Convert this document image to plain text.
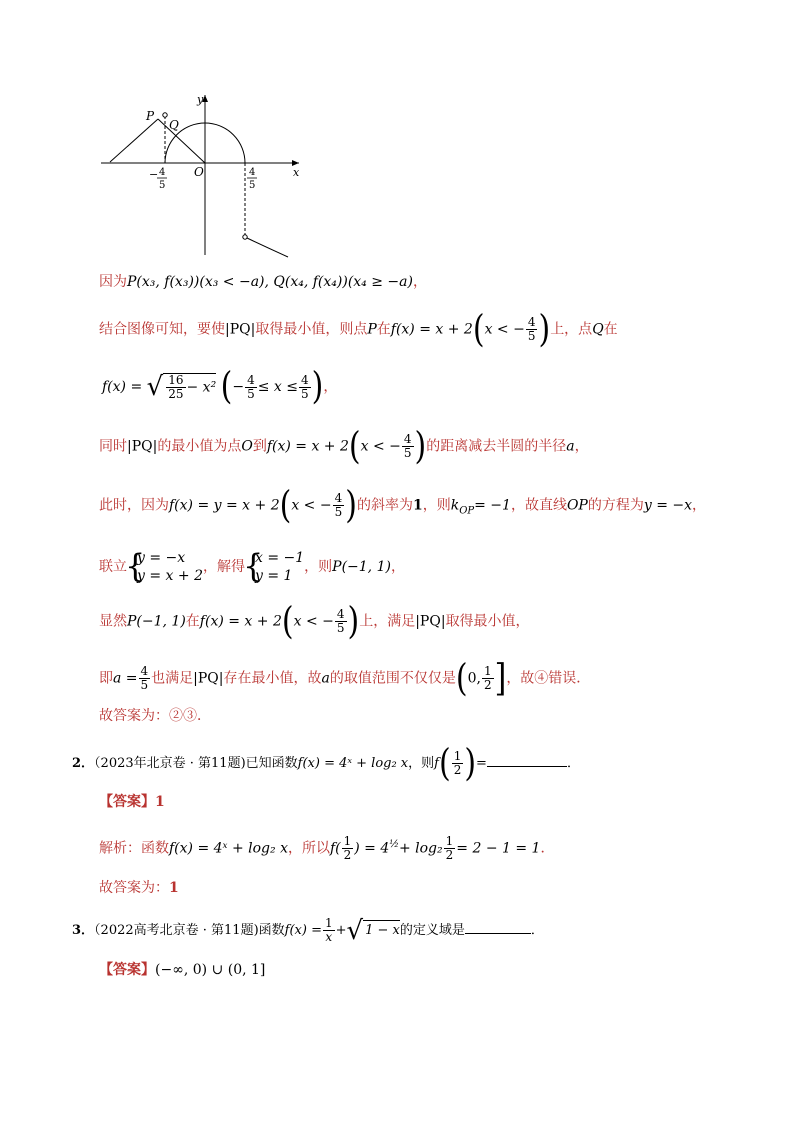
y
x
P
Q
O
− 4
5
4
5
因为P(x₃, f(x₃))(x₃ < −a), Q(x₄, f(x₄))(x₄ ≥ −a)，
结合图像可知，要使|PQ|取得最小值，则点P在f(x) = x + 2(x < − $\frac{4}{5}$ )上，点Q在
f(x) = √ $\frac{16}{25} - x^2$ (− $\frac{4}{5} \le x \le \frac{4}{5}$ )，
同时|PQ|的最小值为点O到f(x) = x + 2(x < − $\frac{4}{5}$ )的距离减去半圆的半径a，
此时，因为f(x) = y = x + 2(x < − $\frac{4}{5}$ )的斜率为1，则$k_{OP}= -1$，故直线OP的方程为y = −x，
联立
{ y = −x
y = x + 2
，解得
{ x = −1
y = 1
，则P(−1, 1)，
显然P(−1, 1)在f(x) = x + 2(x < − $\frac{4}{5}$ )上，满足|PQ|取得最小值，
即$a = \frac{4}{5}$ 也满足|PQ|存在最小值，故a的取值范围不仅仅是(0, $\frac{1}{2}$ ]，故④错误．
故答案为：②③．
2．（2023年北京卷 · 第11题)已知函数f(x) = 4ˣ + log₂ x，则$f( \frac{1}{2}$ )=	．
【答案】1
解析：函数f(x) = 4ˣ + log₂ x，所以$f( \frac{1}{2}$ ) = $4^{\frac{1}{2}}+ \log_2 \frac{1}{2} = 2 - 1 = 1$．
故答案为：1
3．（2022高考北京卷 · 第11题)函数$f(x) = \frac{1}{x}$ +√ 1 − x的定义域是	．
【答案】(−∞, 0) ∪ (0, 1]
